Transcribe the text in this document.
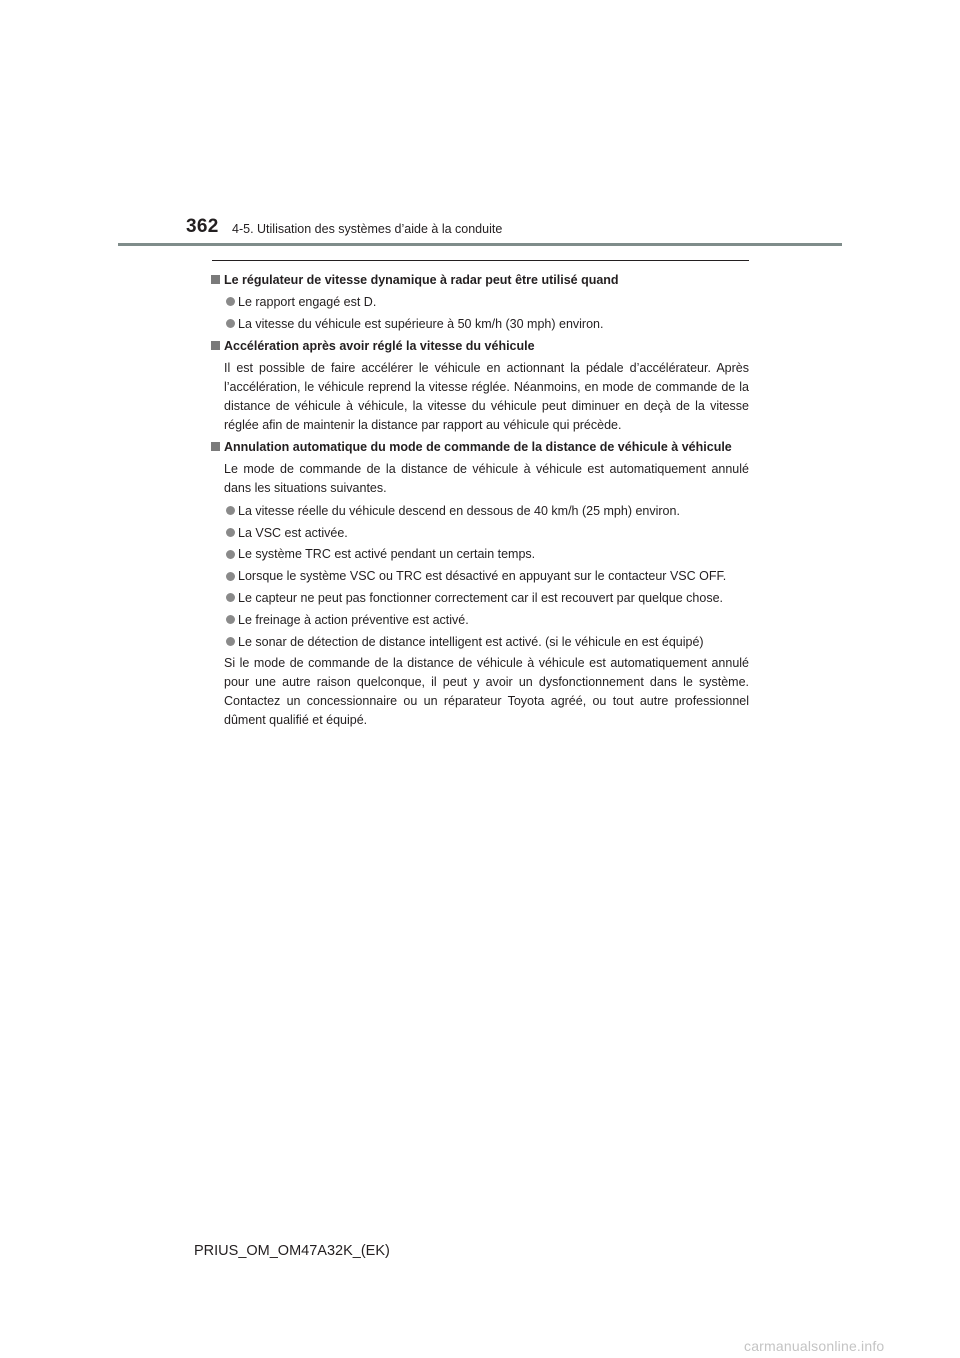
362 4-5. Utilisation des systèmes d’aide à la conduite
Le régulateur de vitesse dynamique à radar peut être utilisé quand
Le rapport engagé est D.
La vitesse du véhicule est supérieure à 50 km/h (30 mph) environ.
Accélération après avoir réglé la vitesse du véhicule

Il est possible de faire accélérer le véhicule en actionnant la pédale d’accélérateur. Après l’accélération, le véhicule reprend la vitesse réglée. Néanmoins, en mode de commande de la distance de véhicule à véhicule, la vitesse du véhicule peut diminuer en deçà de la vitesse réglée afin de maintenir la distance par rapport au véhicule qui précède.

Annulation automatique du mode de commande de la distance de véhicule à véhicule

Le mode de commande de la distance de véhicule à véhicule est automatiquement annulé dans les situations suivantes.

La vitesse réelle du véhicule descend en dessous de 40 km/h (25 mph) environ.
La VSC est activée.
Le système TRC est activé pendant un certain temps.
Lorsque le système VSC ou TRC est désactivé en appuyant sur le contacteur VSC OFF.
Le capteur ne peut pas fonctionner correctement car il est recouvert par quelque chose.
Le freinage à action préventive est activé.
Le sonar de détection de distance intelligent est activé. (si le véhicule en est équipé)

Si le mode de commande de la distance de véhicule à véhicule est automatiquement annulé pour une autre raison quelconque, il peut y avoir un dysfonctionnement dans le système. Contactez un concessionnaire ou un réparateur Toyota agréé, ou tout autre professionnel dûment qualifié et équipé.

PRIUS_OM_OM47A32K_(EK)
carmanualsonline.info
